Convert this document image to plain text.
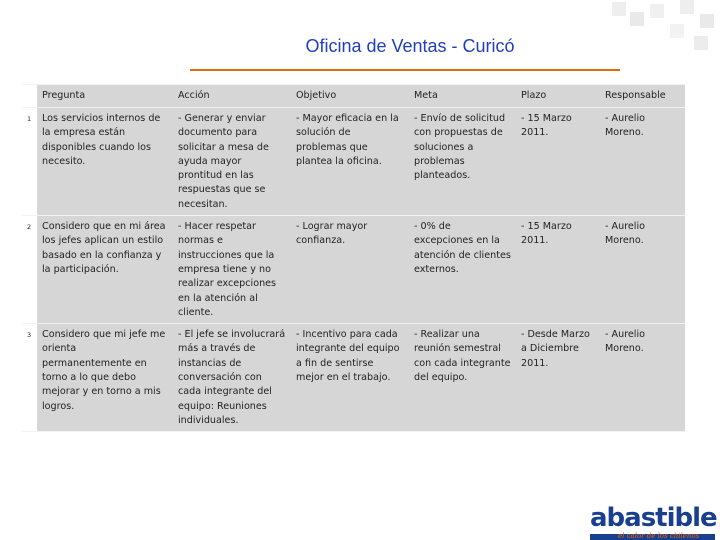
Oficina de Ventas - Curicó
	Pregunta	Acción	Objetivo	Meta	Plazo	Responsable
1	Los servicios internos de la empresa están disponibles cuando los necesito.	- Generar y enviar documento para solicitar a mesa de ayuda mayor prontitud en las respuestas que se necesitan.	- Mayor eficacia en la solución de problemas que plantea la oficina.	- Envío de solicitud con propuestas de soluciones a problemas planteados.	- 15 Marzo 2011.	- Aurelio Moreno.
2	Considero que en mi área los jefes aplican un estilo basado en la confianza y la participación.	- Hacer respetar normas e instrucciones que la empresa tiene y no realizar excepciones en la atención al cliente.	- Lograr mayor confianza.	- 0% de excepciones en la atención de clientes externos.	- 15 Marzo 2011.	- Aurelio Moreno.
3	Considero que mi jefe me orienta permanentemente en torno a lo que debo mejorar y en torno a mis logros.	- El jefe se involucrará más a través de instancias de conversación con cada integrante del equipo: Reuniones individuales.	- Incentivo para cada integrante del equipo a fin de sentirse mejor en el trabajo.	- Realizar una reunión semestral con cada integrante del equipo.	- Desde Marzo a Diciembre 2011.	- Aurelio Moreno.
abastible
el calor de los chilenos
